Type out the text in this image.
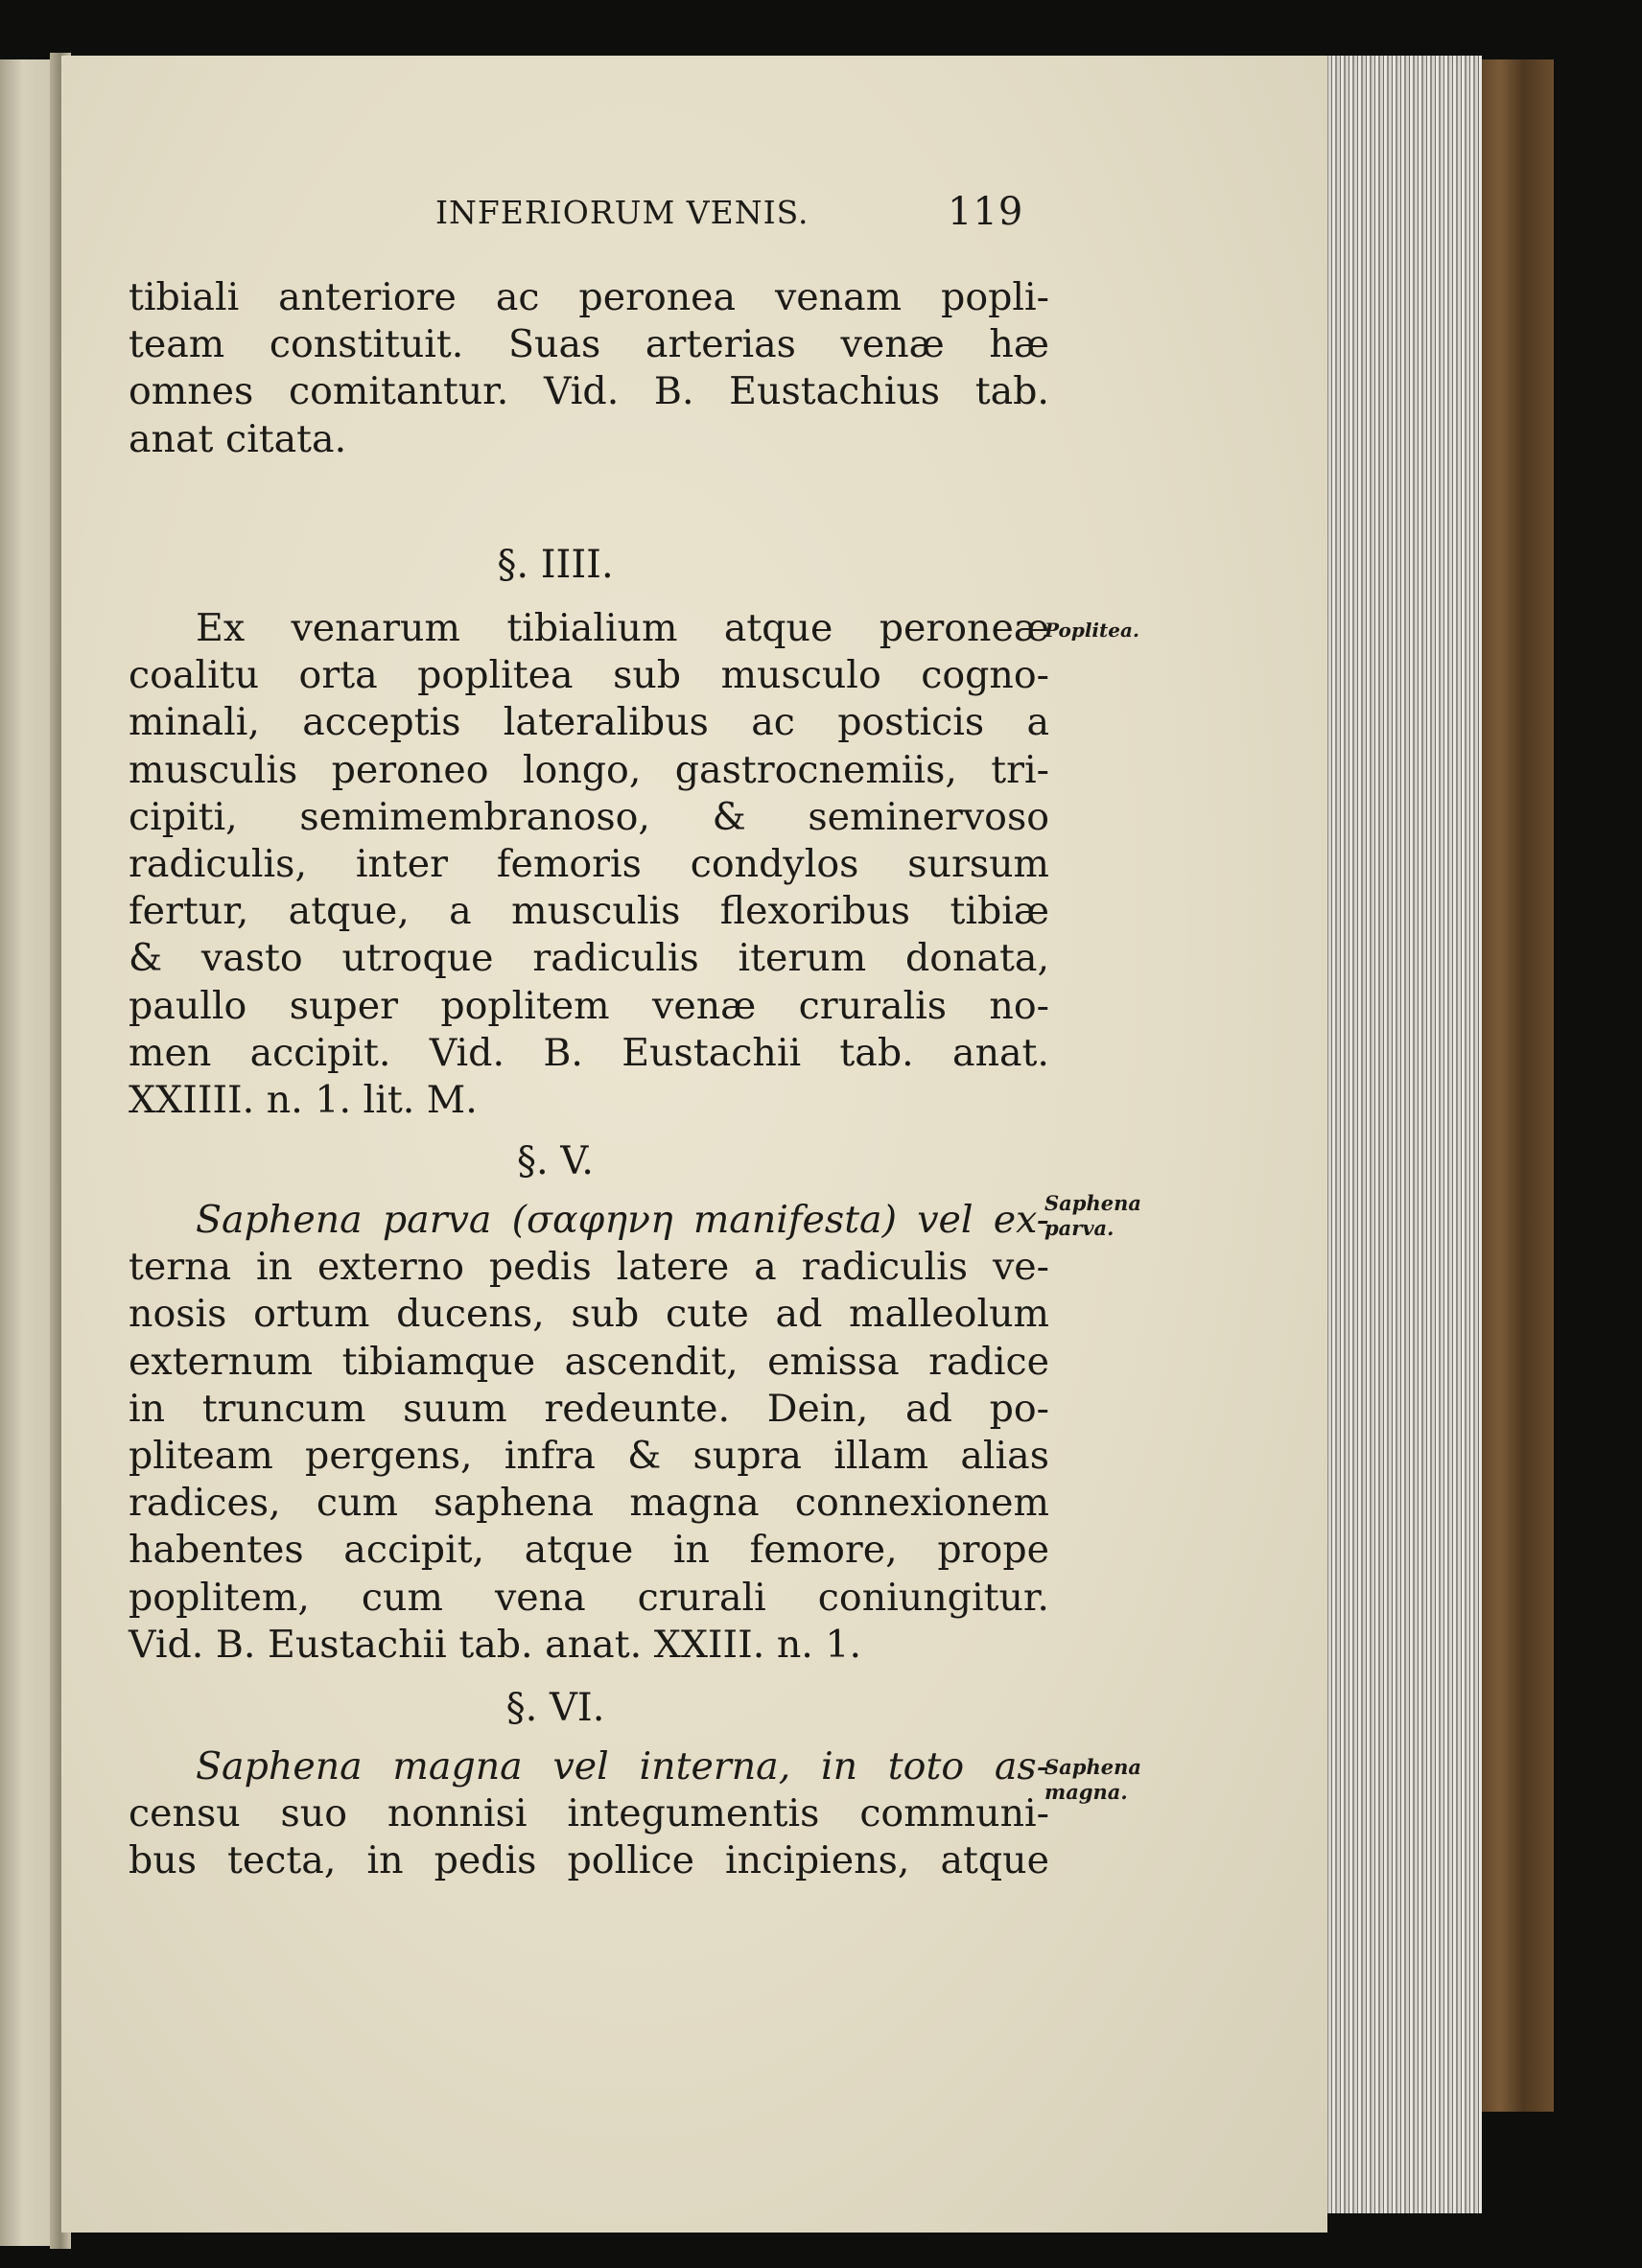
INFERIORUM VENIS.	119
tibiali anteriore ac peronea venam popli-
team constituit. Suas arterias venæ hæ
omnes comitantur. Vid. B. Eustachius tab.
anat citata.
§. IIII.
Poplitea.
Ex venarum tibialium atque peroneæ
coalitu orta poplitea sub musculo cogno-
minali, acceptis lateralibus ac posticis a
musculis peroneo longo, gastrocnemiis, tri-
cipiti, semimembranoso, & seminervoso
radiculis, inter femoris condylos sursum
fertur, atque, a musculis flexoribus tibiæ
& vasto utroque radiculis iterum donata,
paullo super poplitem venæ cruralis no-
men accipit. Vid. B. Eustachii tab. anat.
XXIIII. n. 1. lit. M.
§. V.
Saphena parva.
Saphena parva (σαφηνη manifesta) vel ex-
terna in externo pedis latere a radiculis ve-
nosis ortum ducens, sub cute ad malleolum
externum tibiamque ascendit, emissa radice
in truncum suum redeunte. Dein, ad po-
pliteam pergens, infra & supra illam alias
radices, cum saphena magna connexionem
habentes accipit, atque in femore, prope
poplitem, cum vena crurali coniungitur.
Vid. B. Eustachii tab. anat. XXIII. n. 1.
§. VI.
Saphena magna.
Saphena magna vel interna, in toto as-
censu suo nonnisi integumentis communi-
bus tecta, in pedis pollice incipiens, atque
